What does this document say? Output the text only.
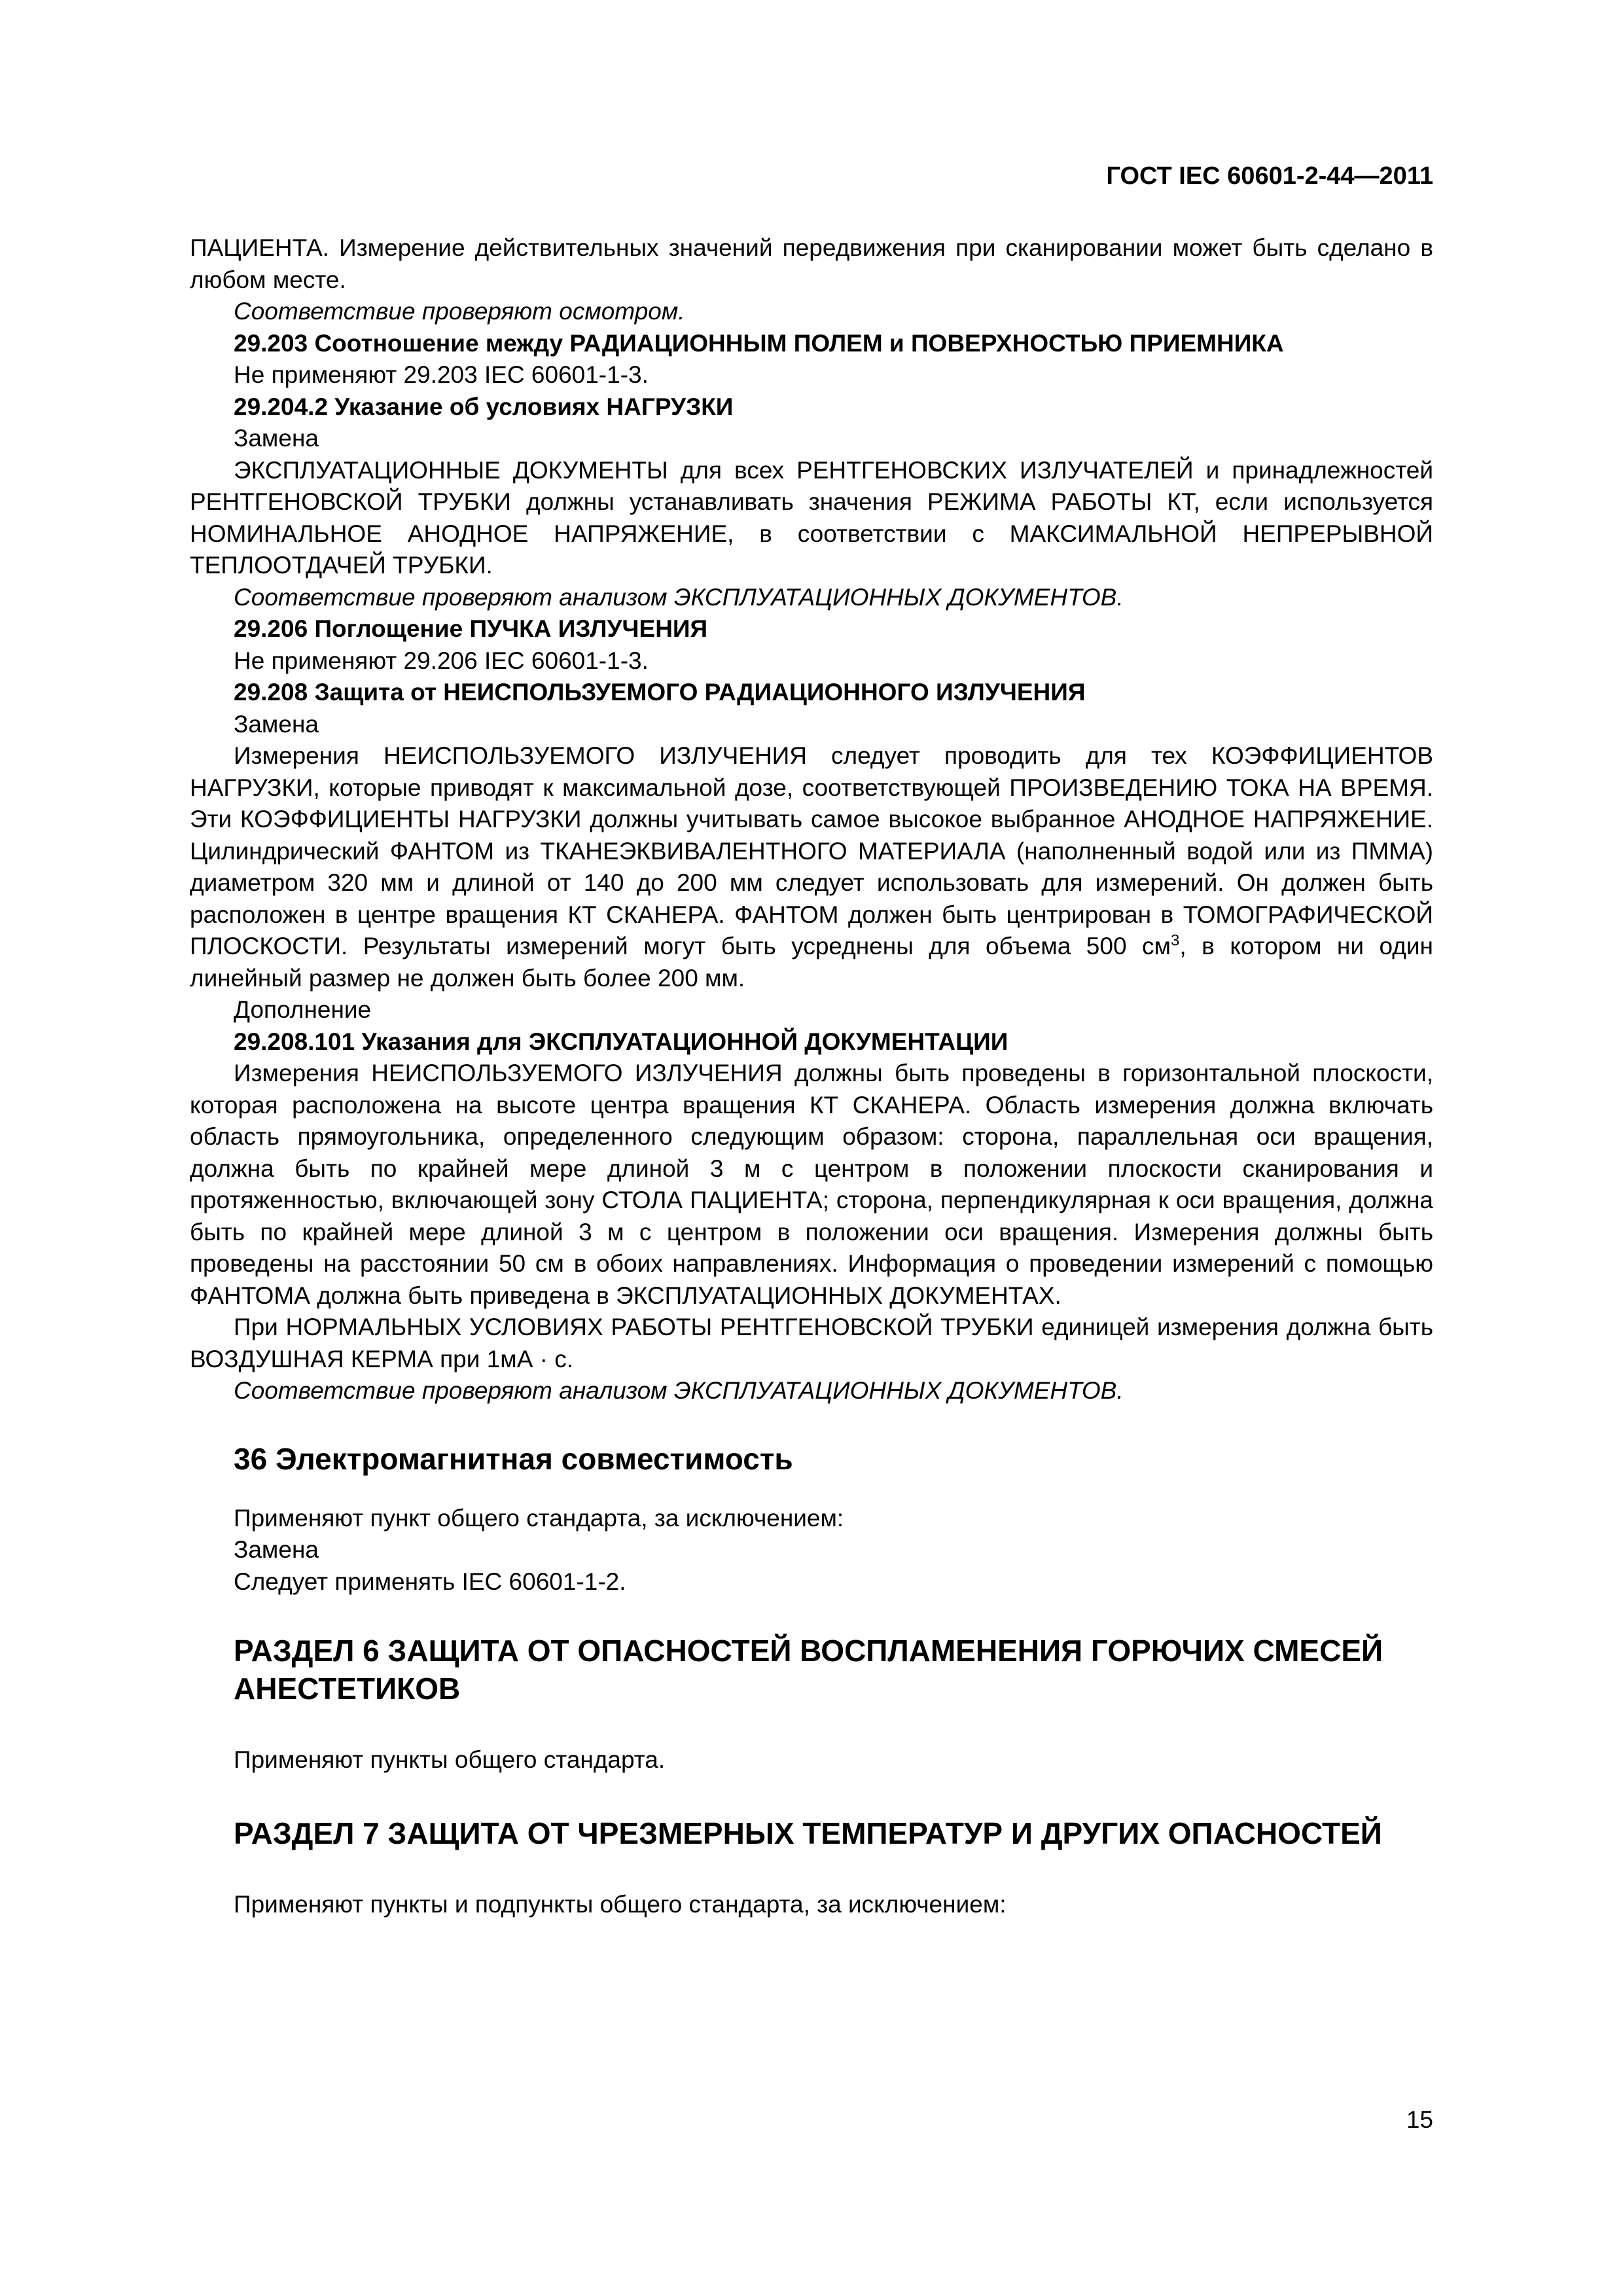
ГОСТ IEC 60601-2-44—2011

ПАЦИЕНТА. Измерение действительных значений передвижения при сканировании может быть сделано в любом месте.

Соответствие проверяют осмотром.

29.203 Соотношение между РАДИАЦИОННЫМ ПОЛЕМ и ПОВЕРХНОСТЬЮ ПРИЕМНИКА

Не применяют 29.203 IEC 60601-1-3.

29.204.2 Указание об условиях НАГРУЗКИ

Замена

ЭКСПЛУАТАЦИОННЫЕ ДОКУМЕНТЫ для всех РЕНТГЕНОВСКИХ ИЗЛУЧАТЕЛЕЙ и принадлежностей РЕНТГЕНОВСКОЙ ТРУБКИ должны устанавливать значения РЕЖИМА РАБОТЫ КТ, если используется НОМИНАЛЬНОЕ АНОДНОЕ НАПРЯЖЕНИЕ, в соответствии с МАКСИМАЛЬНОЙ НЕПРЕРЫВНОЙ ТЕПЛООТДАЧЕЙ ТРУБКИ.

Соответствие проверяют анализом ЭКСПЛУАТАЦИОННЫХ ДОКУМЕНТОВ.

29.206 Поглощение ПУЧКА ИЗЛУЧЕНИЯ

Не применяют 29.206 IEC 60601-1-3.

29.208 Защита от НЕИСПОЛЬЗУЕМОГО РАДИАЦИОННОГО ИЗЛУЧЕНИЯ

Замена

Измерения НЕИСПОЛЬЗУЕМОГО ИЗЛУЧЕНИЯ следует проводить для тех КОЭФФИЦИЕНТОВ НАГРУЗКИ, которые приводят к максимальной дозе, соответствующей ПРОИЗВЕДЕНИЮ ТОКА НА ВРЕМЯ. Эти КОЭФФИЦИЕНТЫ НАГРУЗКИ должны учитывать самое высокое выбранное АНОДНОЕ НАПРЯЖЕНИЕ. Цилиндрический ФАНТОМ из ТКАНЕЭКВИВАЛЕНТНОГО МАТЕРИАЛА (наполненный водой или из ПММА) диаметром 320 мм и длиной от 140 до 200 мм следует использовать для измерений. Он должен быть расположен в центре вращения КТ СКАНЕРА. ФАНТОМ должен быть центрирован в ТОМОГРАФИЧЕСКОЙ ПЛОСКОСТИ. Результаты измерений могут быть усреднены для объема 500 $см^3$, в котором ни один линейный размер не должен быть более 200 мм.

Дополнение

29.208.101 Указания для ЭКСПЛУАТАЦИОННОЙ ДОКУМЕНТАЦИИ

Измерения НЕИСПОЛЬЗУЕМОГО ИЗЛУЧЕНИЯ должны быть проведены в горизонтальной плоскости, которая расположена на высоте центра вращения КТ СКАНЕРА. Область измерения должна включать область прямоугольника, определенного следующим образом: сторона, параллельная оси вращения, должна быть по крайней мере длиной 3 м с центром в положении плоскости сканирования и протяженностью, включающей зону СТОЛА ПАЦИЕНТА; сторона, перпендикулярная к оси вращения, должна быть по крайней мере длиной 3 м с центром в положении оси вращения. Измерения должны быть проведены на расстоянии 50 см в обоих направлениях. Информация о проведении измерений с помощью ФАНТОМА должна быть приведена в ЭКСПЛУАТАЦИОННЫХ ДОКУМЕНТАХ.

При НОРМАЛЬНЫХ УСЛОВИЯХ РАБОТЫ РЕНТГЕНОВСКОЙ ТРУБКИ единицей измерения должна быть ВОЗДУШНАЯ КЕРМА при 1мА · с.

Соответствие проверяют анализом ЭКСПЛУАТАЦИОННЫХ ДОКУМЕНТОВ.

36 Электромагнитная совместимость

Применяют пункт общего стандарта, за исключением:

Замена

Следует применять IEC 60601-1-2.

РАЗДЕЛ 6 ЗАЩИТА ОТ ОПАСНОСТЕЙ ВОСПЛАМЕНЕНИЯ ГОРЮЧИХ СМЕСЕЙ АНЕСТЕТИКОВ

Применяют пункты общего стандарта.

РАЗДЕЛ 7 ЗАЩИТА ОТ ЧРЕЗМЕРНЫХ ТЕМПЕРАТУР И ДРУГИХ ОПАСНОСТЕЙ

Применяют пункты и подпункты общего стандарта, за исключением:

15
